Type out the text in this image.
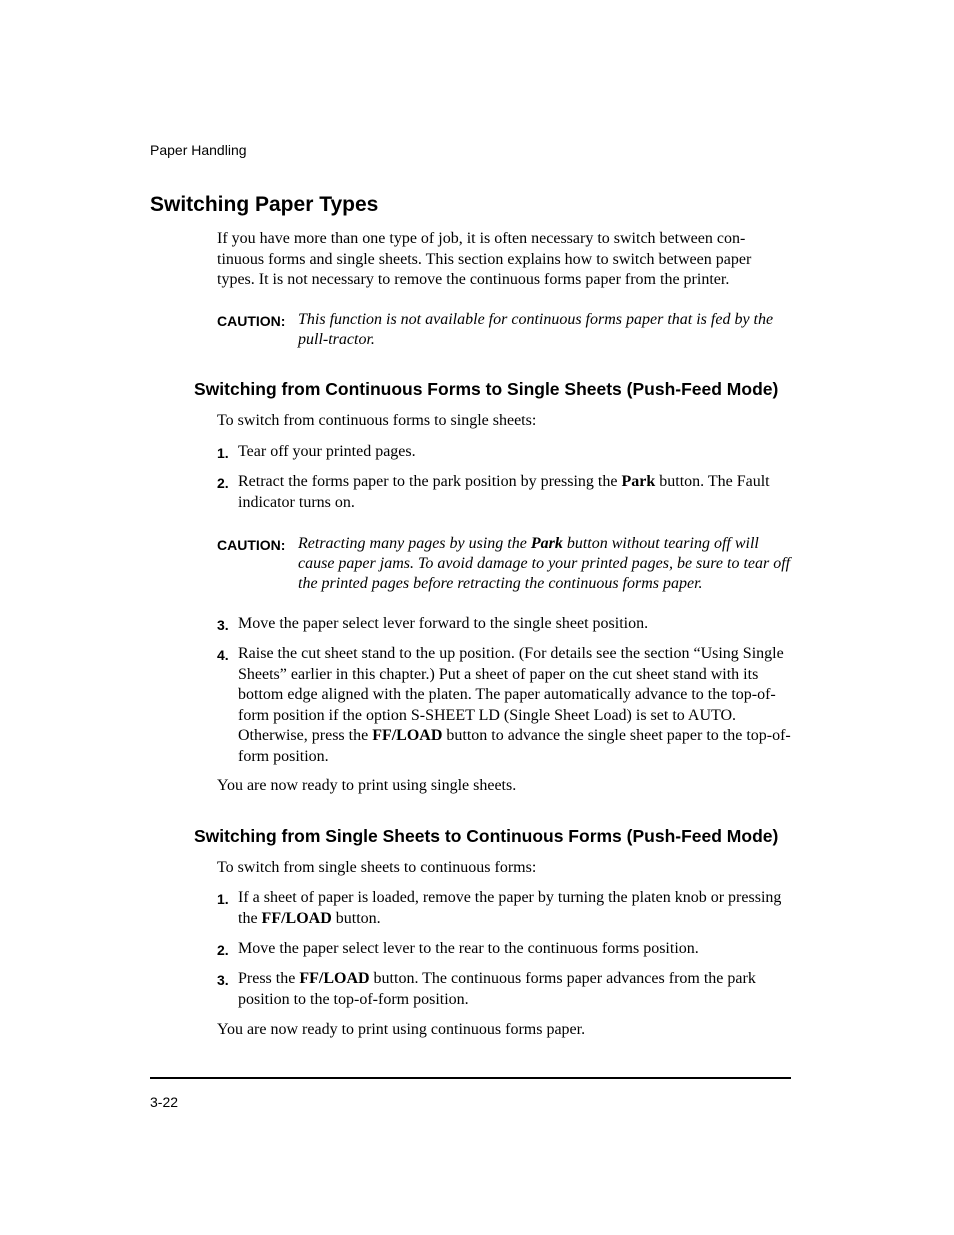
Paper Handling
Switching Paper Types
If you have more than one type of job, it is often necessary to switch between con-tinuous forms and single sheets. This section explains how to switch between paper types. It is not necessary to remove the continuous forms paper from the printer.
CAUTION: This function is not available for continuous forms paper that is fed by the pull-tractor.
Switching from Continuous Forms to Single Sheets (Push-Feed Mode)
To switch from continuous forms to single sheets:
1. Tear off your printed pages.
2. Retract the forms paper to the park position by pressing the Park button. The Fault indicator turns on.
CAUTION: Retracting many pages by using the Park button without tearing off will cause paper jams. To avoid damage to your printed pages, be sure to tear off the printed pages before retracting the continuous forms paper.
3. Move the paper select lever forward to the single sheet position.
4. Raise the cut sheet stand to the up position. (For details see the section “Using Single Sheets” earlier in this chapter.) Put a sheet of paper on the cut sheet stand with its bottom edge aligned with the platen. The paper automatically advance to the top-of-form position if the option S-SHEET LD (Single Sheet Load) is set to AUTO. Otherwise, press the FF/LOAD button to advance the single sheet paper to the top-of-form position.
You are now ready to print using single sheets.
Switching from Single Sheets to Continuous Forms (Push-Feed Mode)
To switch from single sheets to continuous forms:
1. If a sheet of paper is loaded, remove the paper by turning the platen knob or pressing the FF/LOAD button.
2. Move the paper select lever to the rear to the continuous forms position.
3. Press the FF/LOAD button. The continuous forms paper advances from the park position to the top-of-form position.
You are now ready to print using continuous forms paper.
3-22
